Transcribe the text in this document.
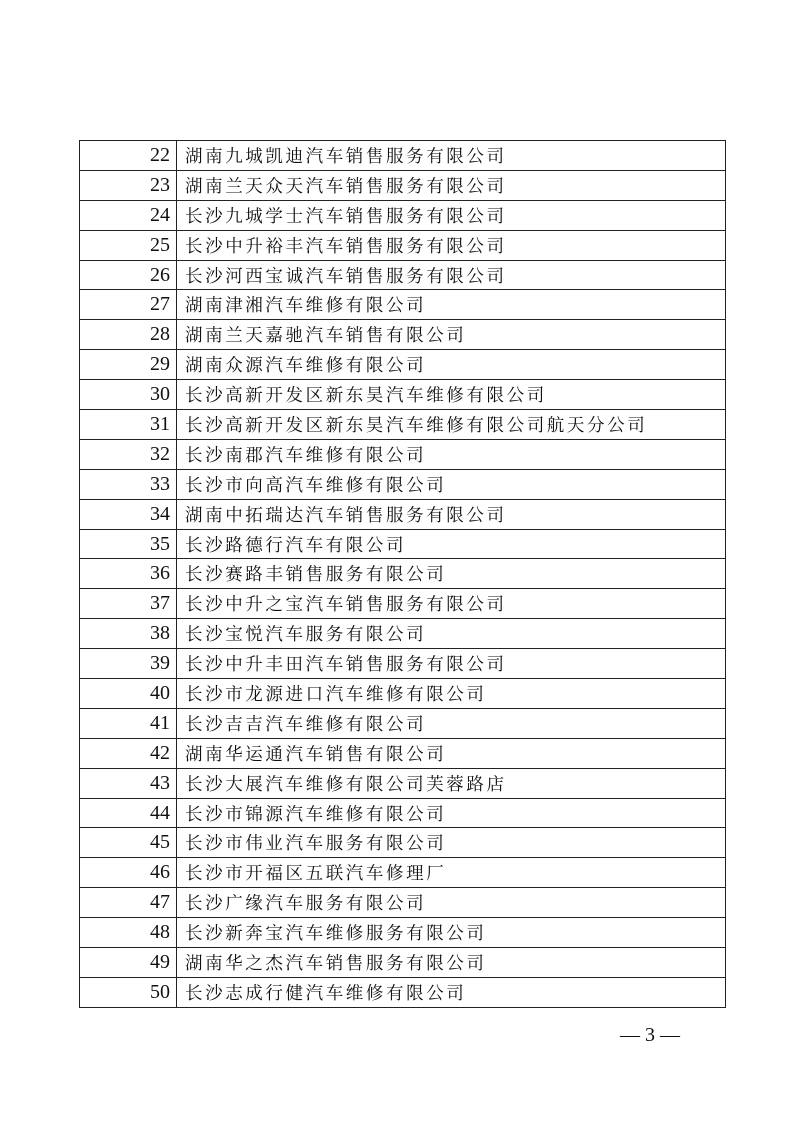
22	湖南九城凯迪汽车销售服务有限公司
23	湖南兰天众天汽车销售服务有限公司
24	长沙九城学士汽车销售服务有限公司
25	长沙中升裕丰汽车销售服务有限公司
26	长沙河西宝诚汽车销售服务有限公司
27	湖南津湘汽车维修有限公司
28	湖南兰天嘉驰汽车销售有限公司
29	湖南众源汽车维修有限公司
30	长沙高新开发区新东昊汽车维修有限公司
31	长沙高新开发区新东昊汽车维修有限公司航天分公司
32	长沙南郡汽车维修有限公司
33	长沙市向高汽车维修有限公司
34	湖南中拓瑞达汽车销售服务有限公司
35	长沙路德行汽车有限公司
36	长沙赛路丰销售服务有限公司
37	长沙中升之宝汽车销售服务有限公司
38	长沙宝悦汽车服务有限公司
39	长沙中升丰田汽车销售服务有限公司
40	长沙市龙源进口汽车维修有限公司
41	长沙吉吉汽车维修有限公司
42	湖南华运通汽车销售有限公司
43	长沙大展汽车维修有限公司芙蓉路店
44	长沙市锦源汽车维修有限公司
45	长沙市伟业汽车服务有限公司
46	长沙市开福区五联汽车修理厂
47	长沙广缘汽车服务有限公司
48	长沙新奔宝汽车维修服务有限公司
49	湖南华之杰汽车销售服务有限公司
50	长沙志成行健汽车维修有限公司
— 3 —
